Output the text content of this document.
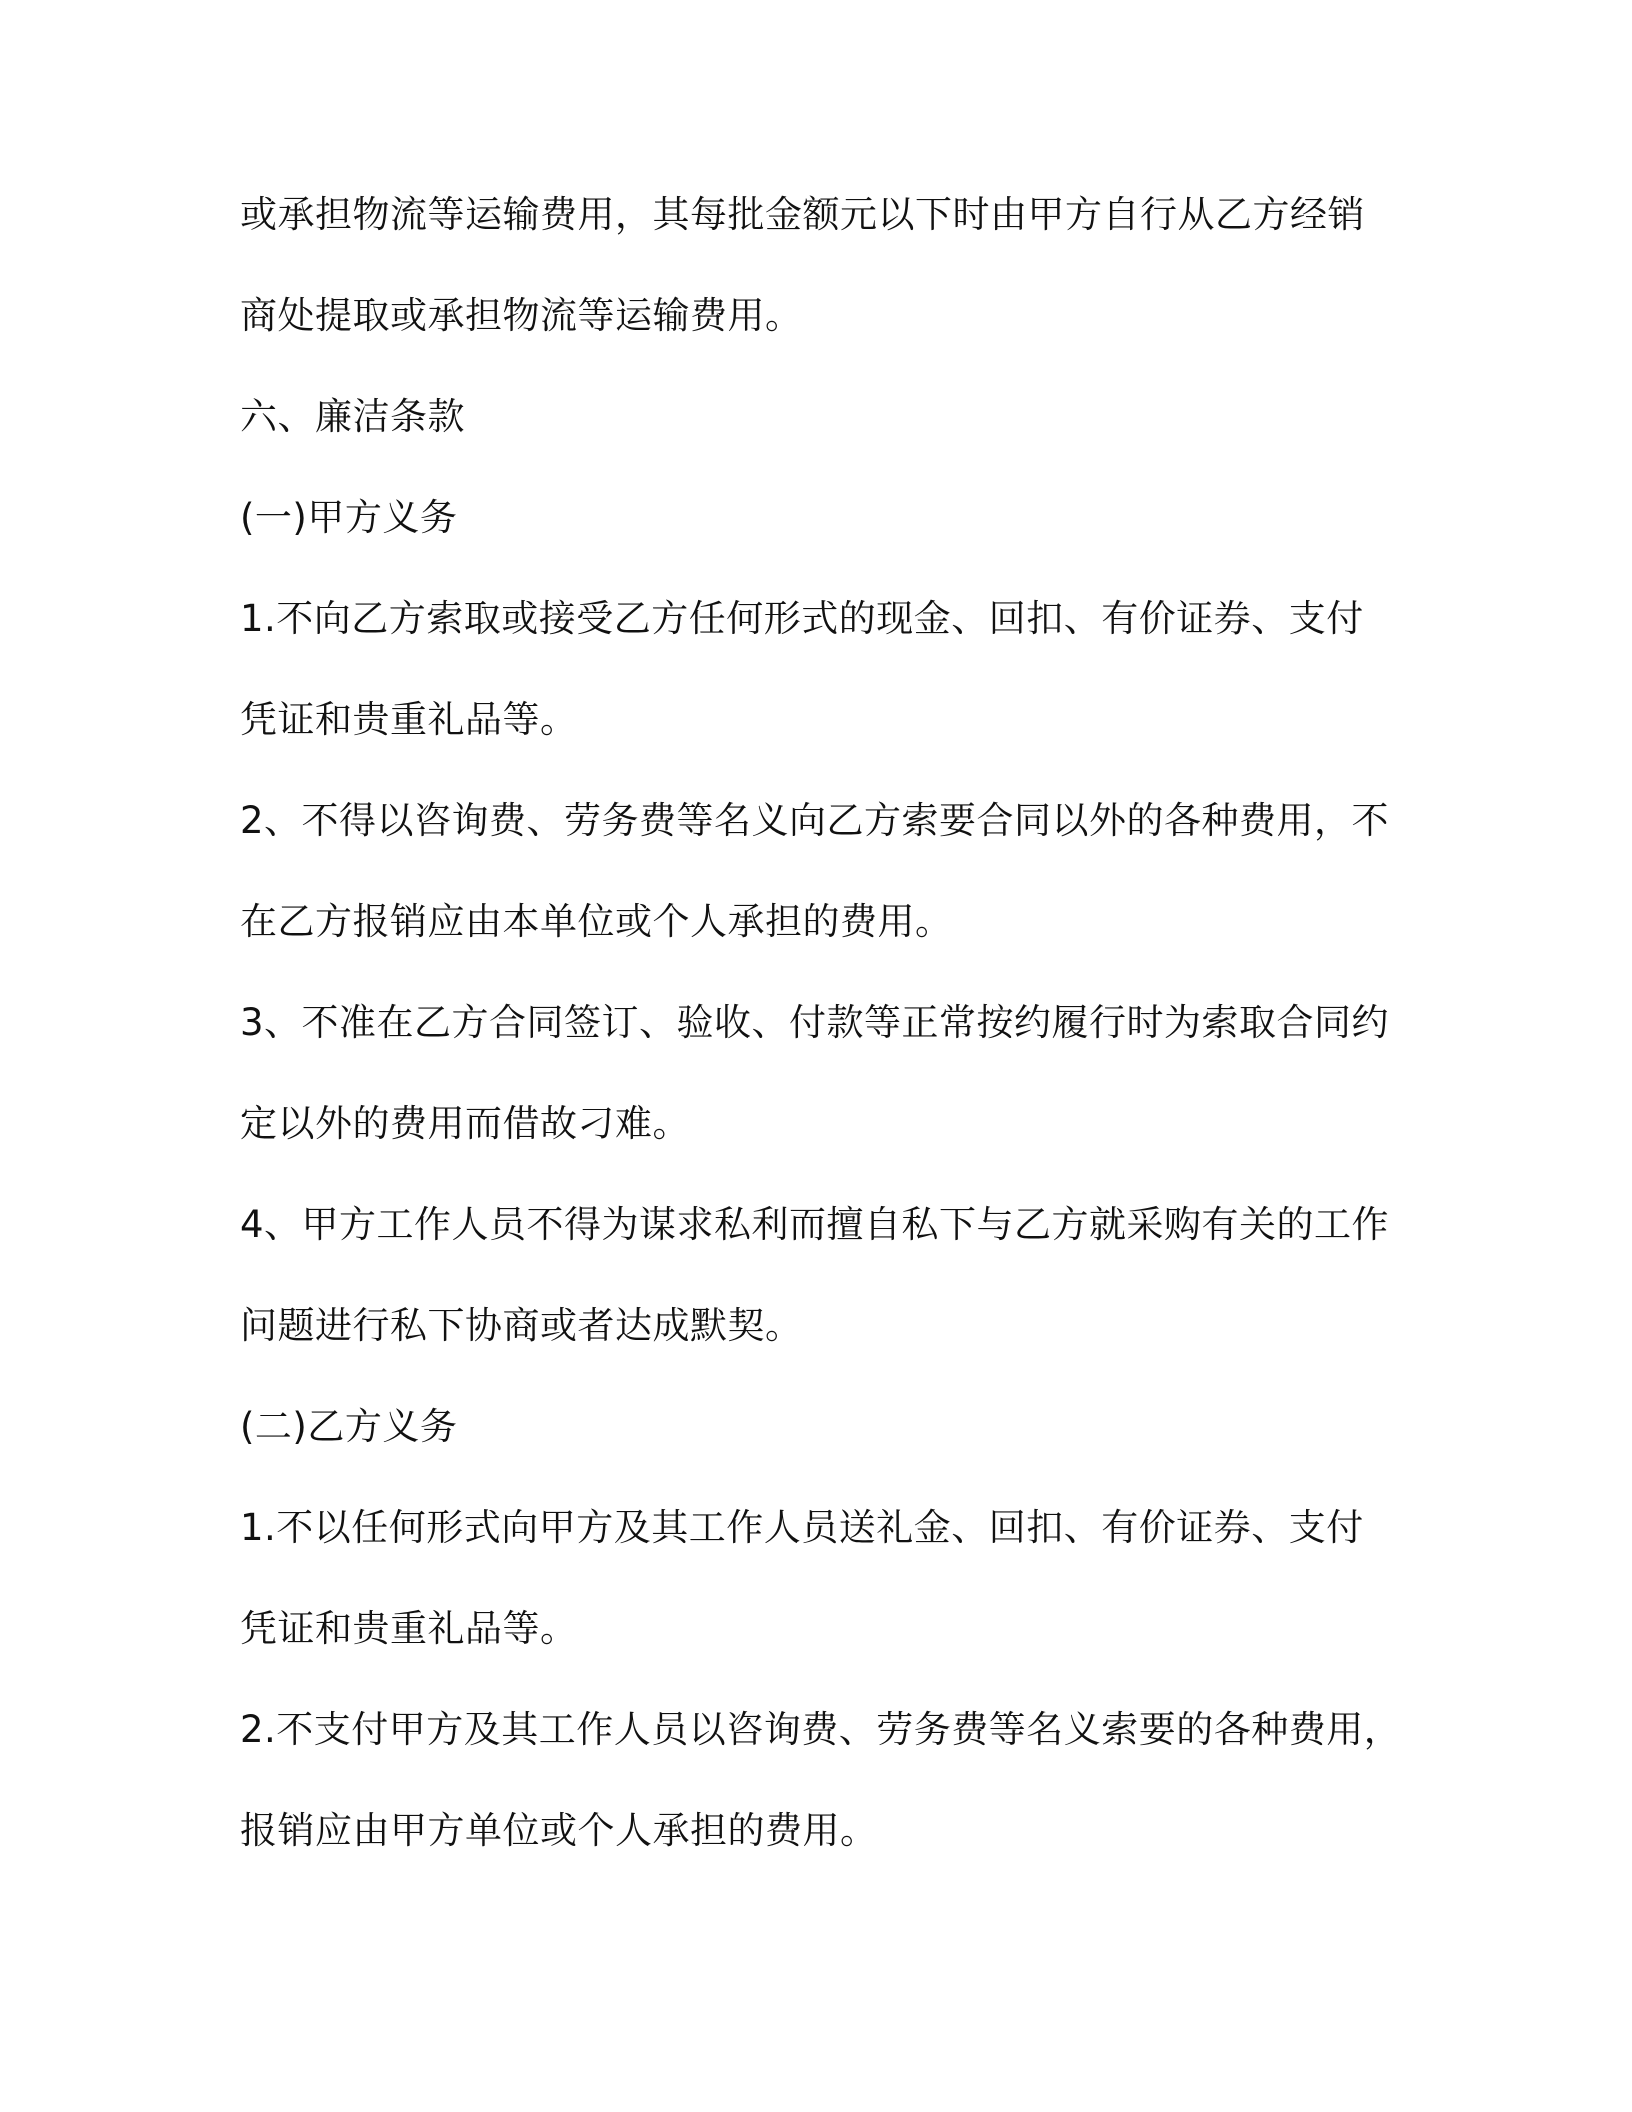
或承担物流等运输费用，其每批金额元以下时由甲方自行从乙方经销
商处提取或承担物流等运输费用。
六、廉洁条款
(一)甲方义务
1.不向乙方索取或接受乙方任何形式的现金、回扣、有价证券、支付
凭证和贵重礼品等。
2、不得以咨询费、劳务费等名义向乙方索要合同以外的各种费用，不
在乙方报销应由本单位或个人承担的费用。
3、不准在乙方合同签订、验收、付款等正常按约履行时为索取合同约
定以外的费用而借故刁难。
4、甲方工作人员不得为谋求私利而擅自私下与乙方就采购有关的工作
问题进行私下协商或者达成默契。
(二)乙方义务
1.不以任何形式向甲方及其工作人员送礼金、回扣、有价证券、支付
凭证和贵重礼品等。
2.不支付甲方及其工作人员以咨询费、劳务费等名义索要的各种费用，
报销应由甲方单位或个人承担的费用。
